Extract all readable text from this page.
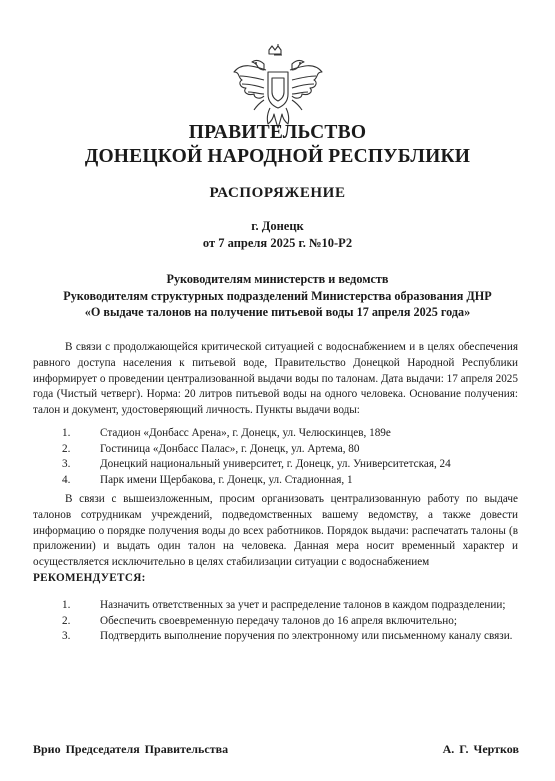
ПРАВИТЕЛЬСТВО
ДОНЕЦКОЙ НАРОДНОЙ РЕСПУБЛИКИ
РАСПОРЯЖЕНИЕ
г. Донецк
от 7 апреля 2025 г. №10-Р2
Руководителям министерств и ведомств
Руководителям структурных подразделений Министерства образования ДНР
«О выдаче талонов на получение питьевой воды 17 апреля 2025 года»

В связи с продолжающейся критической ситуацией с водоснабжением и в целях обеспечения равного доступа населения к питьевой воде, Правительство Донецкой Народной Республики информирует о проведении централизованной выдачи воды по талонам. Дата выдачи: 17 апреля 2025 года (Чистый четверг). Норма: 20 литров питьевой воды на одного человека. Основание получения: талон и документ, удостоверяющий личность. Пункты выдачи воды:

1.	Стадион «Донбасс Арена», г. Донецк, ул. Челюскинцев, 189е
2.	Гостиница «Донбасс Палас», г. Донецк, ул. Артема, 80
3.	Донецкий национальный университет, г. Донецк, ул. Университетская, 24
4.	Парк имени Щербакова, г. Донецк, ул. Стадионная, 1

В связи с вышеизложенным, просим организовать централизованную работу по выдаче талонов сотрудникам учреждений, подведомственных вашему ведомству, а также довести информацию о порядке получения воды до всех работников. Порядок выдачи: распечатать талоны (в приложении) и выдать один талон на человека. Данная мера носит временный характер и осуществляется исключительно в целях стабилизации ситуации с водоснабжением

РЕКОМЕНДУЕТСЯ:
1.	Назначить ответственных за учет и распределение талонов в каждом подразделении;
2.	Обеспечить своевременную передачу талонов до 16 апреля включительно;
3.	Подтвердить выполнение поручения по электронному или письменному каналу связи.
Врио Председателя Правительства	А. Г. Чертков
